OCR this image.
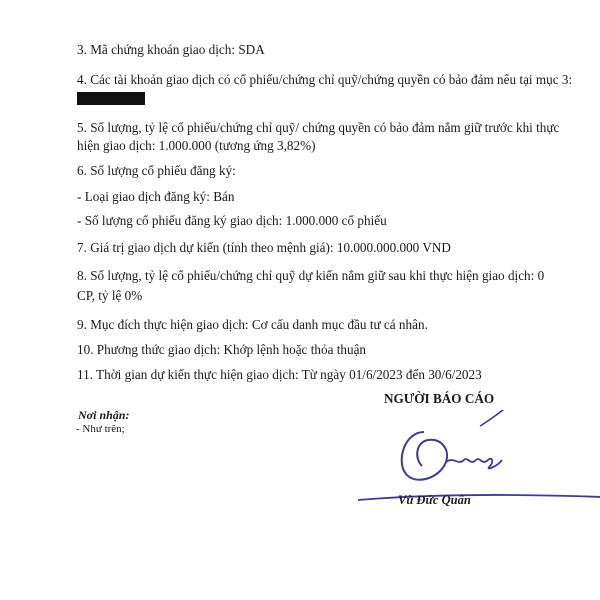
3. Mã chứng khoán giao dịch: SDA
4. Các tài khoản giao dịch có cổ phiếu/chứng chỉ quỹ/chứng quyền có bảo đảm nêu tại mục 3:
5. Số lượng, tỷ lệ cổ phiếu/chứng chỉ quỹ/ chứng quyền có bảo đảm nắm giữ trước khi thực
hiện giao dịch: 1.000.000 (tương ứng 3,82%)
6. Số lượng cổ phiếu đăng ký:
- Loại giao dịch đăng ký: Bán
- Số lượng cổ phiếu đăng ký giao dịch: 1.000.000 cổ phiếu
7. Giá trị giao dịch dự kiến (tính theo mệnh giá): 10.000.000.000 VND
8. Số lượng, tỷ lệ cổ phiếu/chứng chỉ quỹ dự kiến nắm giữ sau khi thực hiện giao dịch: 0
CP, tỷ lệ 0%
9. Mục đích thực hiện giao dịch: Cơ cấu danh mục đầu tư cá nhân.
10. Phương thức giao dịch: Khớp lệnh hoặc thỏa thuận
11. Thời gian dự kiến thực hiện giao dịch: Từ ngày 01/6/2023 đến 30/6/2023
NGƯỜI BÁO CÁO
Nơi nhận:
- Như trên;
Vũ Đức Quân
